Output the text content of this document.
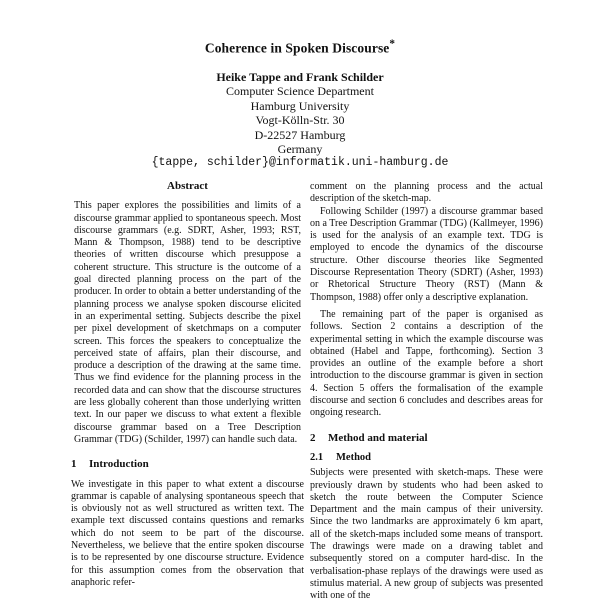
Coherence in Spoken Discourse*
Heike Tappe and Frank Schilder
Computer Science Department
Hamburg University
Vogt-Kölln-Str. 30
D-22527 Hamburg
Germany
{tappe, schilder}@informatik.uni-hamburg.de
Abstract

This paper explores the possibilities and limits of a discourse grammar applied to spontaneous speech. Most discourse grammars (e.g. SDRT, Asher, 1993; RST, Mann & Thompson, 1988) tend to be descriptive theories of written discourse which presuppose a coherent structure. This structure is the outcome of a goal directed planning process on the part of the producer. In order to obtain a better understanding of the planning process we analyse spoken discourse elicited in an experimental setting. Subjects describe the pixel per pixel development of sketchmaps on a computer screen. This forces the speakers to conceptualize the perceived state of affairs, plan their discourse, and produce a description of the drawing at the same time. Thus we find evidence for the planning process in the recorded data and can show that the discourse structures are less globally coherent than those underlying written text. In our paper we discuss to what extent a flexible discourse grammar based on a Tree Description Grammar (TDG) (Schilder, 1997) can handle such data.

1 Introduction

We investigate in this paper to what extent a discourse grammar is capable of analysing spontaneous speech that is obviously not as well structured as written text. The example text discussed contains questions and remarks which do not seem to be part of the discourse. Nevertheless, we believe that the entire spoken discourse is to be represented by one discourse structure. Evidence for this assumption comes from the observation that anaphoric refer-

comment on the planning process and the actual description of the sketch-map.

Following Schilder (1997) a discourse grammar based on a Tree Description Grammar (TDG) (Kallmeyer, 1996) is used for the analysis of an example text. TDG is employed to encode the dynamics of the discourse structure. Other discourse theories like Segmented Discourse Representation Theory (SDRT) (Asher, 1993) or Rhetorical Structure Theory (RST) (Mann & Thompson, 1988) offer only a descriptive explanation.

The remaining part of the paper is organised as follows. Section 2 contains a description of the experimental setting in which the example discourse was obtained (Habel and Tappe, forthcoming). Section 3 provides an outline of the example before a short introduction to the discourse grammar is given in section 4. Section 5 offers the formalisation of the example discourse and section 6 concludes and describes areas for ongoing research.

2 Method and material
2.1 Method

Subjects were presented with sketch-maps. These were previously drawn by students who had been asked to sketch the route between the Computer Science Department and the main campus of their university. Since the two landmarks are approximately 6 km apart, all of the sketch-maps included some means of transport. The drawings were made on a drawing tablet and subsequently stored on a computer hard-disc. In the verbalisation-phase replays of the drawings were used as stimulus material. A new group of subjects was presented with one of the
